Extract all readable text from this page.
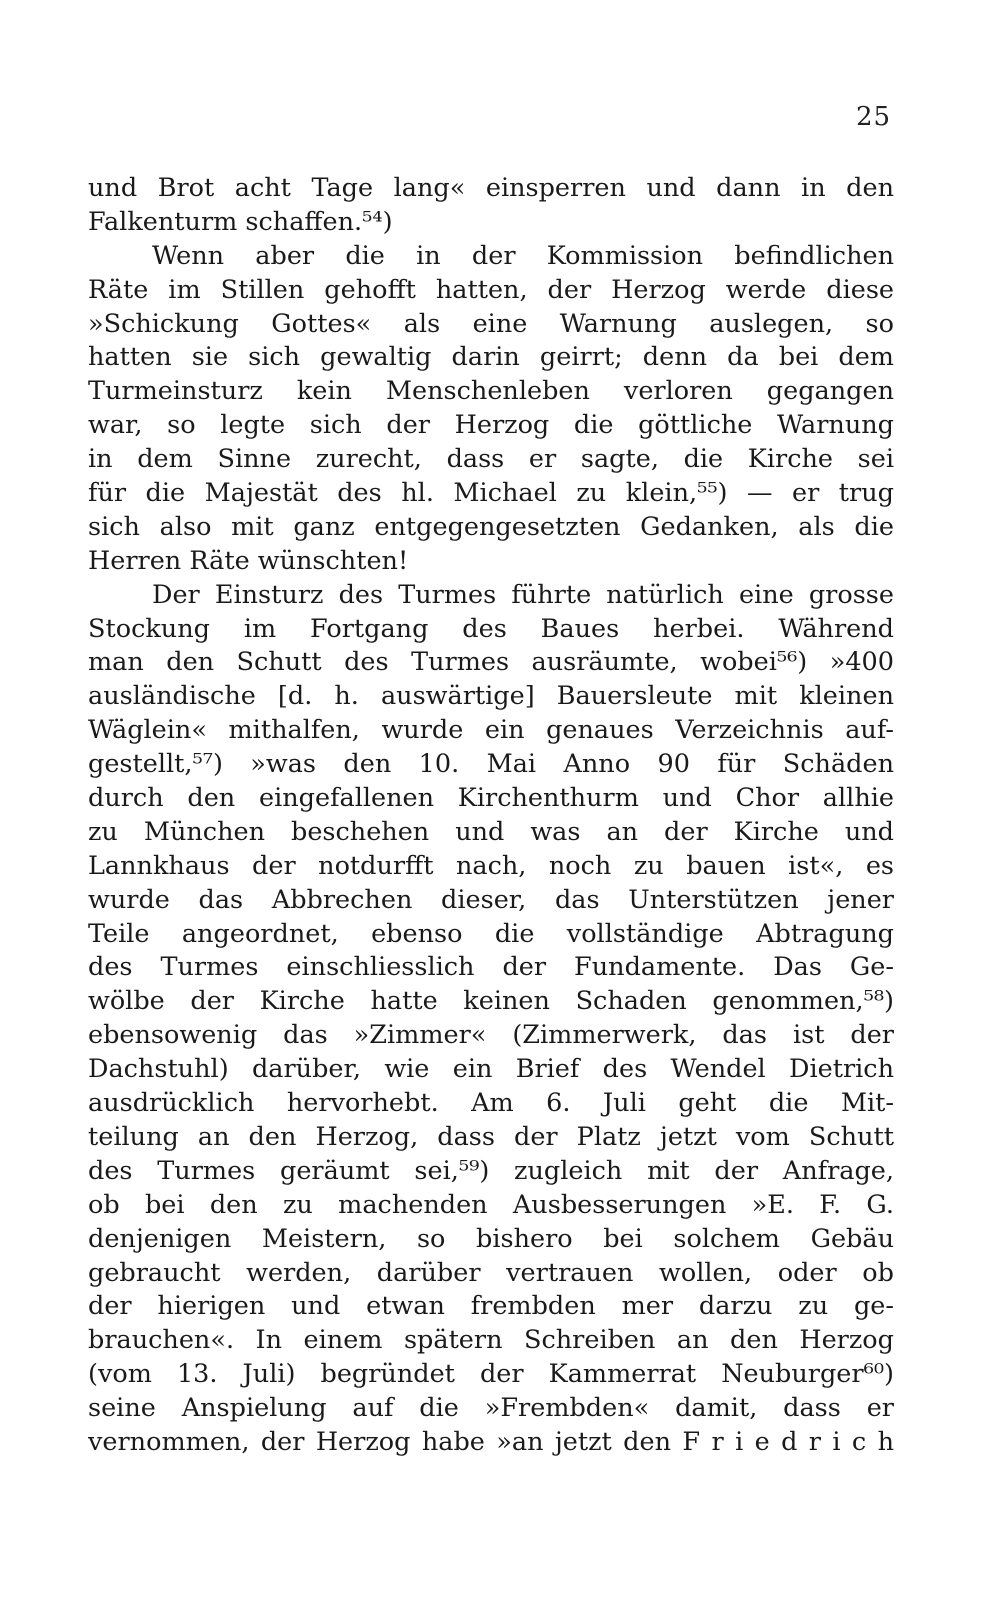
25
und Brot acht Tage lang« einsperren und dann in den
Falkenturm schaffen.⁵⁴)
Wenn aber die in der Kommission befindlichen
Räte im Stillen gehofft hatten, der Herzog werde diese
»Schickung Gottes« als eine Warnung auslegen, so
hatten sie sich gewaltig darin geirrt; denn da bei dem
Turmeinsturz kein Menschenleben verloren gegangen
war, so legte sich der Herzog die göttliche Warnung
in dem Sinne zurecht, dass er sagte, die Kirche sei
für die Majestät des hl. Michael zu klein,⁵⁵) — er trug
sich also mit ganz entgegengesetzten Gedanken, als die
Herren Räte wünschten!
Der Einsturz des Turmes führte natürlich eine grosse
Stockung im Fortgang des Baues herbei. Während
man den Schutt des Turmes ausräumte, wobei⁵⁶) »400
ausländische [d. h. auswärtige] Bauersleute mit kleinen
Wäglein« mithalfen, wurde ein genaues Verzeichnis auf-
gestellt,⁵⁷) »was den 10. Mai Anno 90 für Schäden
durch den eingefallenen Kirchenthurm und Chor allhie
zu München beschehen und was an der Kirche und
Lannkhaus der notdurfft nach, noch zu bauen ist«, es
wurde das Abbrechen dieser, das Unterstützen jener
Teile angeordnet, ebenso die vollständige Abtragung
des Turmes einschliesslich der Fundamente. Das Ge-
wölbe der Kirche hatte keinen Schaden genommen,⁵⁸)
ebensowenig das »Zimmer« (Zimmerwerk, das ist der
Dachstuhl) darüber, wie ein Brief des Wendel Dietrich
ausdrücklich hervorhebt. Am 6. Juli geht die Mit-
teilung an den Herzog, dass der Platz jetzt vom Schutt
des Turmes geräumt sei,⁵⁹) zugleich mit der Anfrage,
ob bei den zu machenden Ausbesserungen »E. F. G.
denjenigen Meistern, so bishero bei solchem Gebäu
gebraucht werden, darüber vertrauen wollen, oder ob
der hierigen und etwan frembden mer darzu zu ge-
brauchen«. In einem spätern Schreiben an den Herzog
(vom 13. Juli) begründet der Kammerrat Neuburger⁶⁰)
seine Anspielung auf die »Frembden« damit, dass er
vernommen, der Herzog habe »an jetzt den F r i e d r i c h
